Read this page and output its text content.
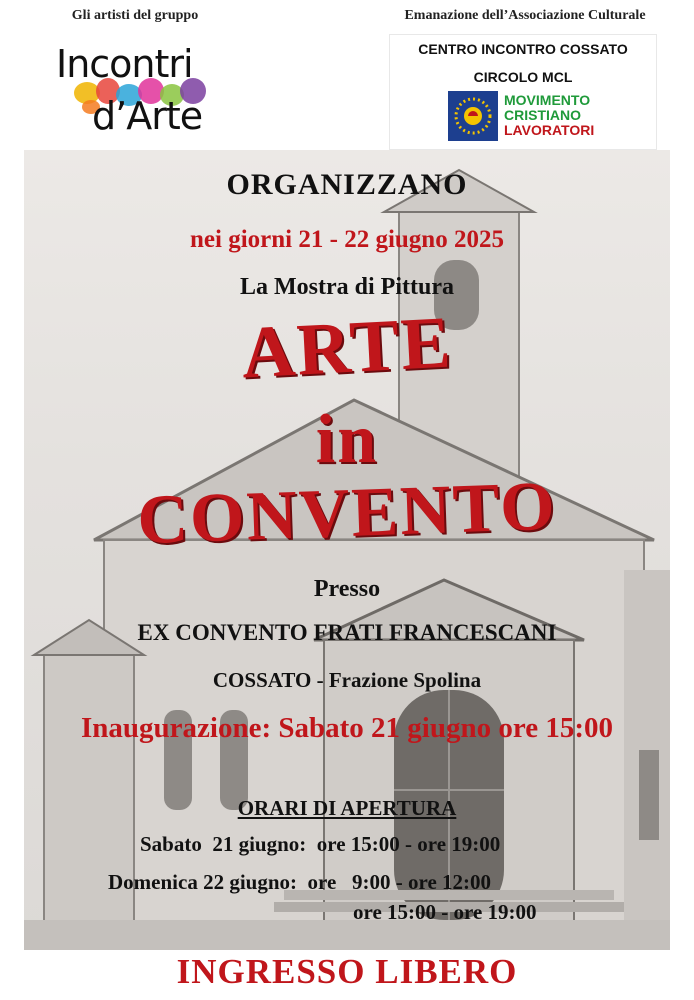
Gli artisti del gruppo	Emanazione dell’Associazione Culturale
Incontri
d’Arte
CENTRO INCONTRO COSSATO
CIRCOLO MCL
MOVIMENTO
CRISTIANO
LAVORATORI
ORGANIZZANO
nei giorni 21 - 22 giugno 2025
La Mostra di Pittura
ARTE
in
CONVENTO
Presso
EX CONVENTO FRATI FRANCESCANI
COSSATO - Frazione Spolina
Inaugurazione: Sabato 21 giugno ore 15:00
ORARI DI APERTURA
Sabato  21 giugno:  ore 15:00 - ore 19:00
Domenica 22 giugno:  ore   9:00 - ore 12:00
ore 15:00 - ore 19:00
INGRESSO LIBERO
